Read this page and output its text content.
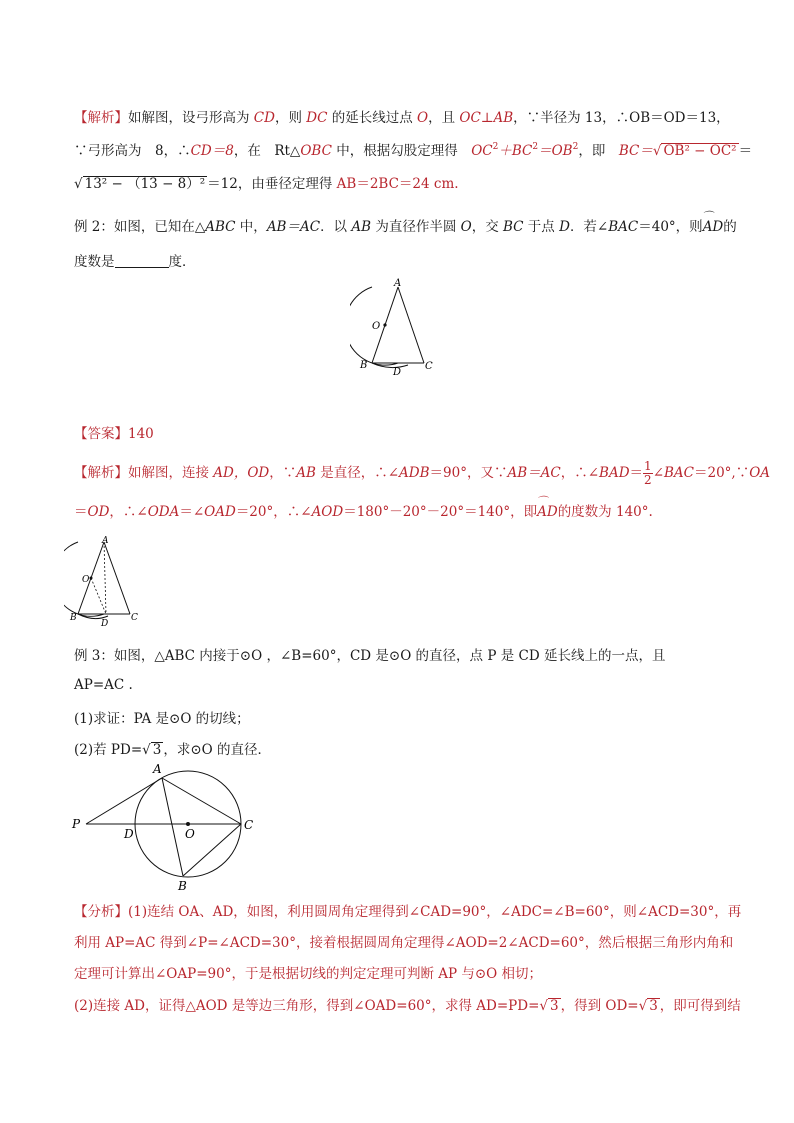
【解析】如解图，设弓形高为 CD，则 DC 的延长线过点 O，且 OC⊥AB，∵半径为 13，∴OB＝OD＝13，
∵弓形高为　8，∴CD＝8，在　Rt△OBC 中，根据勾股定理得　$OC^2+BC^2=OB^2$，即　BC＝√ OB² − OC² ＝
√ 13² − （13 − 8）² ＝12，由垂径定理得 AB＝2BC＝24 cm.
例 2：如图，已知在△ABC 中，AB＝AC．以 AB 为直径作半圆 O，交 BC 于点 D．若∠BAC＝40°，则⌒ AD的
度数是	度．
A
O
B
D
C
【答案】140
【解析】如解图，连接 AD，OD，∵AB 是直径，∴∠ADB＝90°，又∵AB＝AC，∴∠BAD＝ $\frac{1}{2}$ ∠BAC＝20°,∵OA
＝OD，∴∠ODA＝∠OAD＝20°，∴∠AOD＝180°－20°－20°＝140°，即⌒ AD的度数为 140°.
A
O
B
D
C
例 3：如图，△ABC 内接于⊙O ，∠B=60°，CD 是⊙O 的直径，点 P 是 CD 延长线上的一点，且
AP=AC .
(1)求证：PA 是⊙O 的切线；
(2)若 PD=√ 3 ，求⊙O 的直径．
A
P
D	O
C
B
【分析】(1)连结 OA、AD，如图，利用圆周角定理得到∠CAD=90°，∠ADC=∠B=60°，则∠ACD=30°，再
利用 AP=AC 得到∠P=∠ACD=30°，接着根据圆周角定理得∠AOD=2∠ACD=60°，然后根据三角形内角和
定理可计算出∠OAP=90°，于是根据切线的判定定理可判断 AP 与⊙O 相切；
(2)连接 AD，证得△AOD 是等边三角形，得到∠OAD=60°，求得 AD=PD=√ 3 ，得到 OD=√ 3 ，即可得到结
